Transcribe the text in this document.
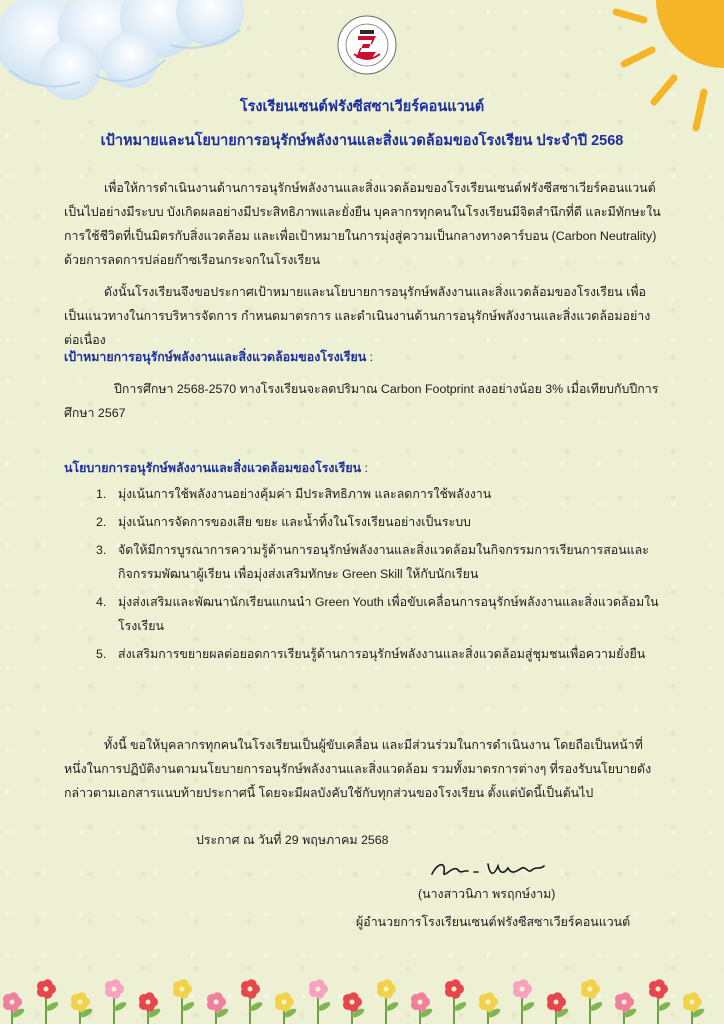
โรงเรียนเซนต์ฟรังซีสซาเวียร์คอนแวนต์
เป้าหมายและนโยบายการอนุรักษ์พลังงานและสิ่งแวดล้อมของโรงเรียน ประจำปี 2568

เพื่อให้การดำเนินงานด้านการอนุรักษ์พลังงานและสิ่งแวดล้อมของโรงเรียนเซนต์ฟรังซีสซาเวียร์คอนแวนต์ เป็นไปอย่างมีระบบ บังเกิดผลอย่างมีประสิทธิภาพและยั่งยืน บุคลากรทุกคนในโรงเรียนมีจิตสำนึกที่ดี และมีทักษะในการใช้ชีวิตที่เป็นมิตรกับสิ่งแวดล้อม และเพื่อเป้าหมายในการมุ่งสู่ความเป็นกลางทางคาร์บอน (Carbon Neutrality) ด้วยการลดการปล่อยก๊าซเรือนกระจกในโรงเรียน

ดังนั้นโรงเรียนจึงขอประกาศเป้าหมายและนโยบายการอนุรักษ์พลังงานและสิ่งแวดล้อมของโรงเรียน เพื่อเป็นแนวทางในการบริหารจัดการ กำหนดมาตรการ และดำเนินงานด้านการอนุรักษ์พลังงานและสิ่งแวดล้อมอย่างต่อเนื่อง

เป้าหมายการอนุรักษ์พลังงานและสิ่งแวดล้อมของโรงเรียน :

ปีการศึกษา 2568-2570 ทางโรงเรียนจะลดปริมาณ Carbon Footprint ลงอย่างน้อย 3% เมื่อเทียบกับปีการศึกษา 2567

นโยบายการอนุรักษ์พลังงานและสิ่งแวดล้อมของโรงเรียน :
1. มุ่งเน้นการใช้พลังงานอย่างคุ้มค่า มีประสิทธิภาพ และลดการใช้พลังงาน
2. มุ่งเน้นการจัดการของเสีย ขยะ และน้ำทิ้งในโรงเรียนอย่างเป็นระบบ
3. จัดให้มีการบูรณาการความรู้ด้านการอนุรักษ์พลังงานและสิ่งแวดล้อมในกิจกรรมการเรียนการสอนและกิจกรรมพัฒนาผู้เรียน เพื่อมุ่งส่งเสริมทักษะ Green Skill ให้กับนักเรียน
4. มุ่งส่งเสริมและพัฒนานักเรียนแกนนำ Green Youth เพื่อขับเคลื่อนการอนุรักษ์พลังงานและสิ่งแวดล้อมในโรงเรียน
5. ส่งเสริมการขยายผลต่อยอดการเรียนรู้ด้านการอนุรักษ์พลังงานและสิ่งแวดล้อมสู่ชุมชนเพื่อความยั่งยืน

ทั้งนี้ ขอให้บุคลากรทุกคนในโรงเรียนเป็นผู้ขับเคลื่อน และมีส่วนร่วมในการดำเนินงาน โดยถือเป็นหน้าที่หนึ่งในการปฏิบัติงานตามนโยบายการอนุรักษ์พลังงานและสิ่งแวดล้อม รวมทั้งมาตรการต่างๆ ที่รองรับนโยบายดังกล่าวตามเอกสารแนบท้ายประกาศนี้ โดยจะมีผลบังคับใช้กับทุกส่วนของโรงเรียน ตั้งแต่บัดนี้เป็นต้นไป

ประกาศ ณ วันที่ 29 พฤษภาคม 2568
(นางสาวนิภา พรฤกษ์งาม)
ผู้อำนวยการโรงเรียนเซนต์ฟรังซีสซาเวียร์คอนแวนต์
